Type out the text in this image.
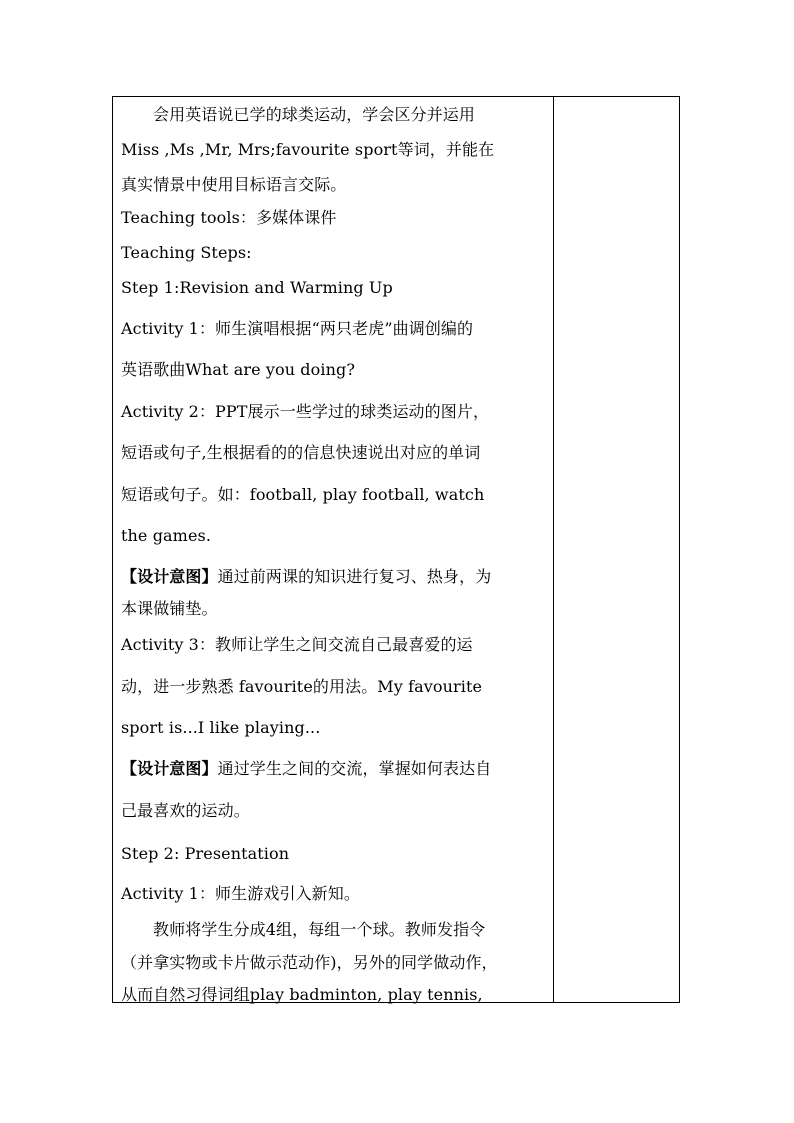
会用英语说已学的球类运动，学会区分并运用
Miss ,Ms ,Mr, Mrs;favourite sport等词，并能在
真实情景中使用目标语言交际。
Teaching tools：多媒体课件
Teaching Steps:
Step 1:Revision and Warming Up
Activity 1：师生演唱根据“两只老虎”曲调创编的
英语歌曲What are you doing?
Activity 2：PPT展示一些学过的球类运动的图片，
短语或句子,生根据看的的信息快速说出对应的单词
短语或句子。如：football, play football, watch
the games.
【设计意图】通过前两课的知识进行复习、热身，为
本课做铺垫。
Activity 3：教师让学生之间交流自己最喜爱的运
动，进一步熟悉 favourite的用法。My favourite
sport is...I like playing...
【设计意图】通过学生之间的交流，掌握如何表达自
己最喜欢的运动。
Step 2: Presentation
Activity 1：师生游戏引入新知。
教师将学生分成4组，每组一个球。教师发指令
（并拿实物或卡片做示范动作)，另外的同学做动作，
从而自然习得词组play badminton, play tennis,
